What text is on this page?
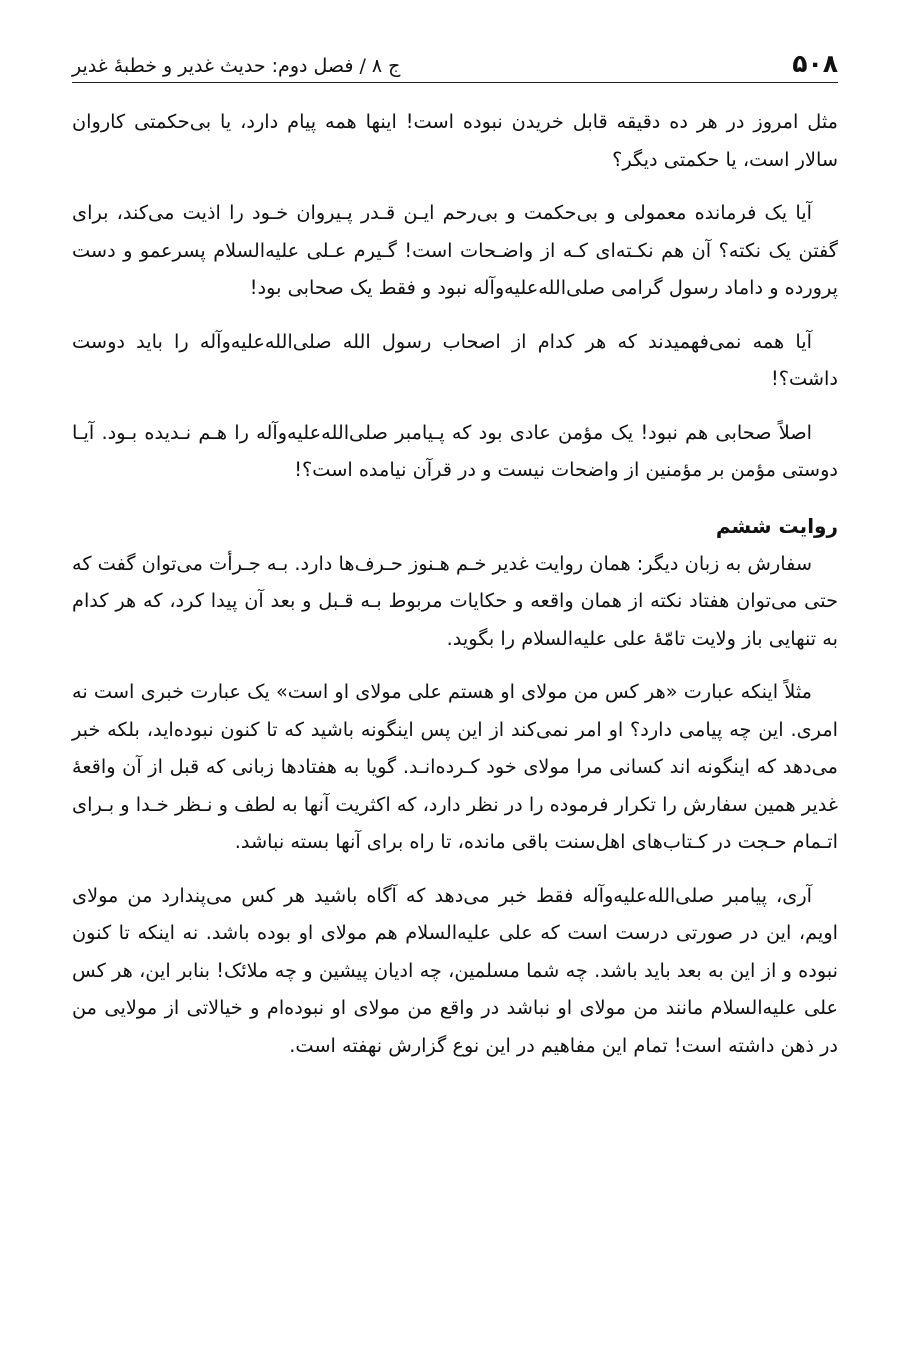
۵۰۸
ج ۸ / فصل دوم: حدیث غدیر و خطبهٔ غدیر

مثل امروز در هر ده دقیقه قابل خریدن نبوده است! اینها همه پیام دارد، یا بی‌حکمتی کاروان سالار است، یا حکمتی دیگر؟

آیا یک فرمانده معمولی و بی‌حکمت و بی‌رحم ایـن قـدر پـیروان خـود را اذیت می‌کند، برای گفتن یک نکته؟ آن هم نکـته‌ای کـه از واضـحات است! گـیرم عـلی علیه‌السلام پسرعمو و دست پرورده و داماد رسول گرامی صلی‌الله‌علیه‌وآله نبود و فقط یک صحابی بود!

آیا همه نمی‌فهمیدند که هر کدام از اصحاب رسول الله صلی‌الله‌علیه‌وآله را باید دوست داشت؟!

اصلاً صحابی هم نبود! یک مؤمن عادی بود که پـیامبر صلی‌الله‌علیه‌وآله را هـم نـدیده بـود. آیـا دوستی مؤمن بر مؤمنین از واضحات نیست و در قرآن نیامده است؟!

روایت ششم

سفارش به زبان دیگر: همان روایت غدیر خـم هـنوز حـرف‌ها دارد. بـه جـرأت می‌توان گفت که حتی می‌توان هفتاد نکته از همان واقعه و حکایات مربوط بـه قـبل و بعد آن پیدا کرد، که هر کدام به تنهایی باز ولایت تامّهٔ علی علیه‌السلام را بگوید.

مثلاً اینکه عبارت «هر کس من مولای او هستم علی مولای او است» یک عبارت خبری است نه امری. این چه پیامی دارد؟ او امر نمی‌کند از این پس اینگونه باشید که تا کنون نبوده‌اید، بلکه خبر می‌دهد که اینگونه اند کسانی مرا مولای خود کـرده‌انـد. گویا به هفتادها زبانی که قبل از آن واقعهٔ غدیر همین سفارش را تکرار فرموده را در نظر دارد، که اکثریت آنها به لطف و نـظر خـدا و بـرای اتـمام حـجت در کـتاب‌های اهل‌سنت باقی مانده، تا راه برای آنها بسته نباشد.

آری، پیامبر صلی‌الله‌علیه‌وآله فقط خبر می‌دهد که آگاه باشید هر کس می‌پندارد من مولای اویم، این در صورتی درست است که علی علیه‌السلام هم مولای او بوده باشد. نه اینکه تا کنون نبوده و از این به بعد باید باشد. چه شما مسلمین، چه ادیان پیشین و چه ملائک! بنابر این، هر کس علی علیه‌السلام مانند من مولای او نباشد در واقع من مولای او نبوده‌ام و خیالاتی از مولایی من در ذهن داشته است! تمام این مفاهیم در این نوع گزارش نهفته است.
